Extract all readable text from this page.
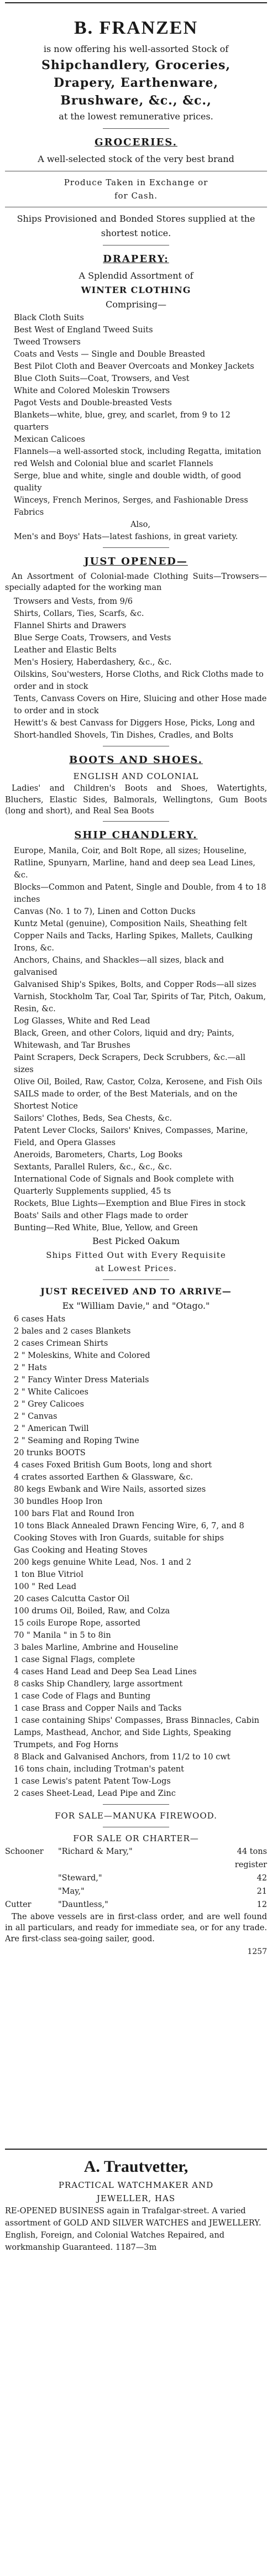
B. FRANZEN

is now offering his well-assorted Stock of

Shipchandlery, Groceries,

Drapery, Earthenware,

Brushware, &c., &c.,

at the lowest remunerative prices.

GROCERIES.

A well-selected stock of the very best brand

Produce Taken in Exchange or

for Cash.

Ships Provisioned and Bonded Stores supplied at the shortest notice.

DRAPERY:

A Splendid Assortment of

WINTER CLOTHING

Comprising—

Black Cloth Suits
Best West of England Tweed Suits
Tweed Trowsers
Coats and Vests — Single and Double Breasted
Best Pilot Cloth and Beaver Overcoats and Monkey Jackets
Blue Cloth Suits—Coat, Trowsers, and Vest
White and Colored Moleskin Trowsers
Pagot Vests and Double-breasted Vests
Blankets—white, blue, grey, and scarlet, from 9 to 12 quarters
Mexican Calicoes
Flannels—a well-assorted stock, including Regatta, imitation red Welsh and Colonial blue and scarlet Flannels
Serge, blue and white, single and double width, of good quality
Winceys, French Merinos, Serges, and Fashionable Dress Fabrics
Also,
Men's and Boys' Hats—latest fashions, in great variety.
JUST OPENED—

An Assortment of Colonial-made Clothing Suits—Trowsers—specially adapted for the working man

Trowsers and Vests, from 9/6
Shirts, Collars, Ties, Scarfs, &c.
Flannel Shirts and Drawers
Blue Serge Coats, Trowsers, and Vests
Leather and Elastic Belts
Men's Hosiery, Haberdashery, &c., &c.
Oilskins, Sou'westers, Horse Cloths, and Rick Cloths made to order and in stock
Tents, Canvass Covers on Hire, Sluicing and other Hose made to order and in stock
Hewitt's & best Canvass for Diggers Hose, Picks, Long and Short-handled Shovels, Tin Dishes, Cradles, and Bolts
BOOTS AND SHOES.

ENGLISH AND COLONIAL

Ladies' and Children's Boots and Shoes, Watertights, Bluchers, Elastic Sides, Balmorals, Wellingtons, Gum Boots (long and short), and Real Sea Boots

SHIP CHANDLERY.
Europe, Manila, Coir, and Bolt Rope, all sizes; Houseline, Ratline, Spunyarn, Marline, hand and deep sea Lead Lines, &c.
Blocks—Common and Patent, Single and Double, from 4 to 18 inches
Canvas (No. 1 to 7), Linen and Cotton Ducks
Kuntz Metal (genuine), Composition Nails, Sheathing felt
Copper Nails and Tacks, Harling Spikes, Mallets, Caulking Irons, &c.
Anchors, Chains, and Shackles—all sizes, black and galvanised
Galvanised Ship's Spikes, Bolts, and Copper Rods—all sizes
Varnish, Stockholm Tar, Coal Tar, Spirits of Tar, Pitch, Oakum, Resin, &c.
Log Glasses, White and Red Lead
Black, Green, and other Colors, liquid and dry; Paints, Whitewash, and Tar Brushes
Paint Scrapers, Deck Scrapers, Deck Scrubbers, &c.—all sizes
Olive Oil, Boiled, Raw, Castor, Colza, Kerosene, and Fish Oils
SAILS made to order, of the Best Materials, and on the Shortest Notice
Sailors' Clothes, Beds, Sea Chests, &c.
Patent Lever Clocks, Sailors' Knives, Compasses, Marine, Field, and Opera Glasses
Aneroids, Barometers, Charts, Log Books
Sextants, Parallel Rulers, &c., &c., &c.
International Code of Signals and Book complete with Quarterly Supplements supplied, 45 ts
Rockets, Blue Lights—Exemption and Blue Fires in stock
Boats' Sails and other Flags made to order
Bunting—Red White, Blue, Yellow, and Green

Best Picked Oakum

Ships Fitted Out with Every Requisite

at Lowest Prices.

JUST RECEIVED AND TO ARRIVE—

Ex "William Davie," and "Otago."

6 cases Hats
2 bales and 2 cases Blankets
2 cases Crimean Shirts
2 " Moleskins, White and Colored
2 " Hats
2 " Fancy Winter Dress Materials
2 " White Calicoes
2 " Grey Calicoes
2 " Canvas
2 " American Twill
2 " Seaming and Roping Twine
20 trunks BOOTS
4 cases Foxed British Gum Boots, long and short
4 crates assorted Earthen & Glassware, &c.
80 kegs Ewbank and Wire Nails, assorted sizes
30 bundles Hoop Iron
100 bars Flat and Round Iron
10 tons Black Annealed Drawn Fencing Wire, 6, 7, and 8
Cooking Stoves with Iron Guards, suitable for ships
Gas Cooking and Heating Stoves
200 kegs genuine White Lead, Nos. 1 and 2
1 ton Blue Vitriol
100 " Red Lead
20 cases Calcutta Castor Oil
100 drums Oil, Boiled, Raw, and Colza
15 coils Europe Rope, assorted
70 " Manila " in 5 to 8in
3 bales Marline, Ambrine and Houseline
1 case Signal Flags, complete
4 cases Hand Lead and Deep Sea Lead Lines
8 casks Ship Chandlery, large assortment
1 case Code of Flags and Bunting
1 case Brass and Copper Nails and Tacks
1 case containing Ships' Compasses, Brass Binnacles, Cabin Lamps, Masthead, Anchor, and Side Lights, Speaking Trumpets, and Fog Horns
8 Black and Galvanised Anchors, from 11/2 to 10 cwt
16 tons chain, including Trotman's patent
1 case Lewis's patent Patent Tow-Logs
2 cases Sheet-Lead, Lead Pipe and Zinc

FOR SALE—MANUKA FIREWOOD.

FOR SALE OR CHARTER—

Schooner	"Richard & Mary,"	44 tons register
"Steward,"	42
"May,"	21
Cutter	"Dauntless,"	12

The above vessels are in first-class order, and are well found in all particulars, and ready for immediate sea, or for any trade. Are first-class sea-going sailer, good.

1257

A. Trautvetter,

PRACTICAL WATCHMAKER AND

JEWELLER, HAS

RE-OPENED BUSINESS again in Trafalgar-street. A varied assortment of GOLD AND SILVER WATCHES and JEWELLERY. English, Foreign, and Colonial Watches Repaired, and workmanship Guaranteed. 1187—3m
